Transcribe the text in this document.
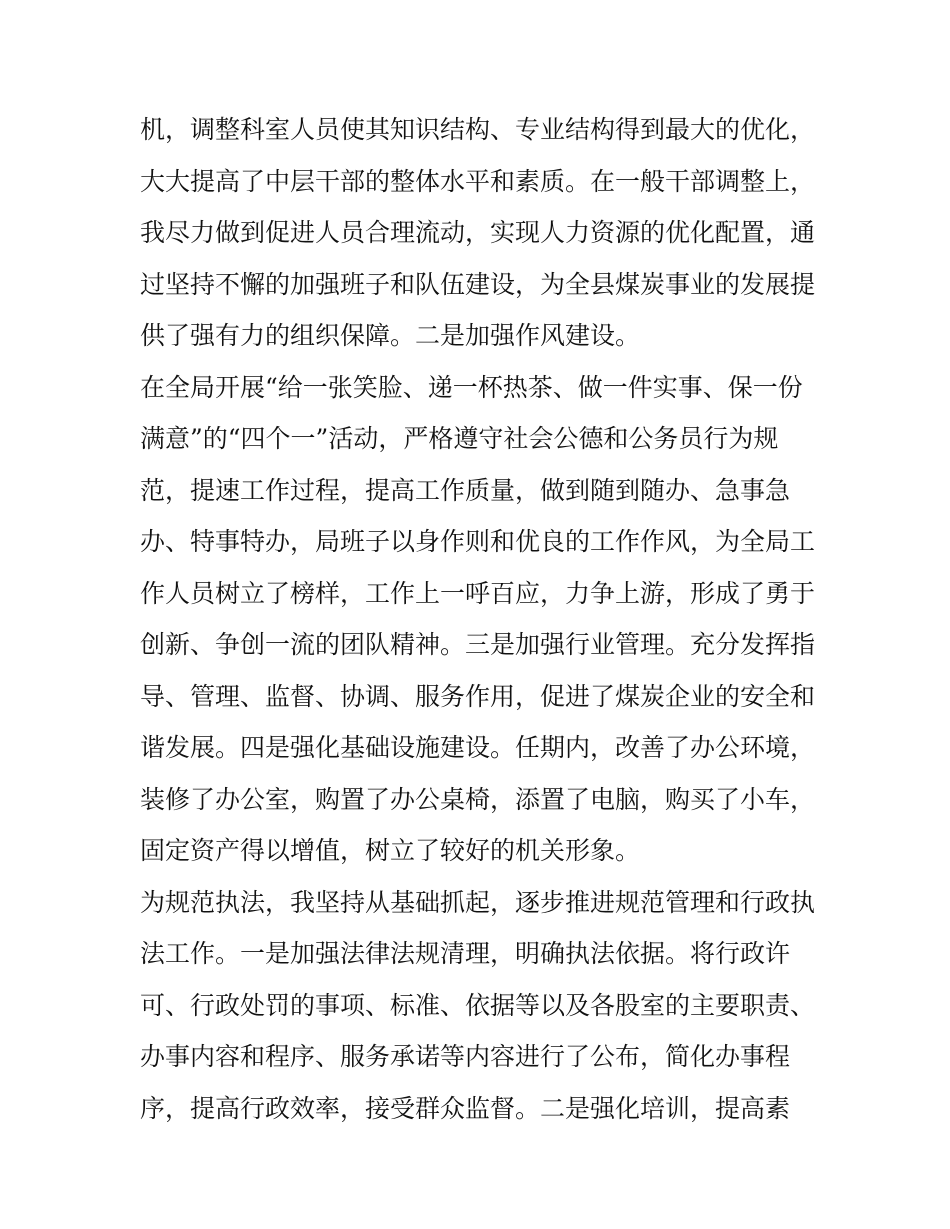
机，调整科室人员使其知识结构、专业结构得到最大的优化，
大大提高了中层干部的整体水平和素质。在一般干部调整上，
我尽力做到促进人员合理流动，实现人力资源的优化配置，通
过坚持不懈的加强班子和队伍建设，为全县煤炭事业的发展提
供了强有力的组织保障。二是加强作风建设。
在全局开展“给一张笑脸、递一杯热茶、做一件实事、保一份
满意”的“四个一”活动，严格遵守社会公德和公务员行为规
范，提速工作过程，提高工作质量，做到随到随办、急事急
办、特事特办，局班子以身作则和优良的工作作风，为全局工
作人员树立了榜样，工作上一呼百应，力争上游，形成了勇于
创新、争创一流的团队精神。三是加强行业管理。充分发挥指
导、管理、监督、协调、服务作用，促进了煤炭企业的安全和
谐发展。四是强化基础设施建设。任期内，改善了办公环境，
装修了办公室，购置了办公桌椅，添置了电脑，购买了小车，
固定资产得以增值，树立了较好的机关形象。
为规范执法，我坚持从基础抓起，逐步推进规范管理和行政执
法工作。一是加强法律法规清理，明确执法依据。将行政许
可、行政处罚的事项、标准、依据等以及各股室的主要职责、
办事内容和程序、服务承诺等内容进行了公布，简化办事程
序，提高行政效率，接受群众监督。二是强化培训，提高素
